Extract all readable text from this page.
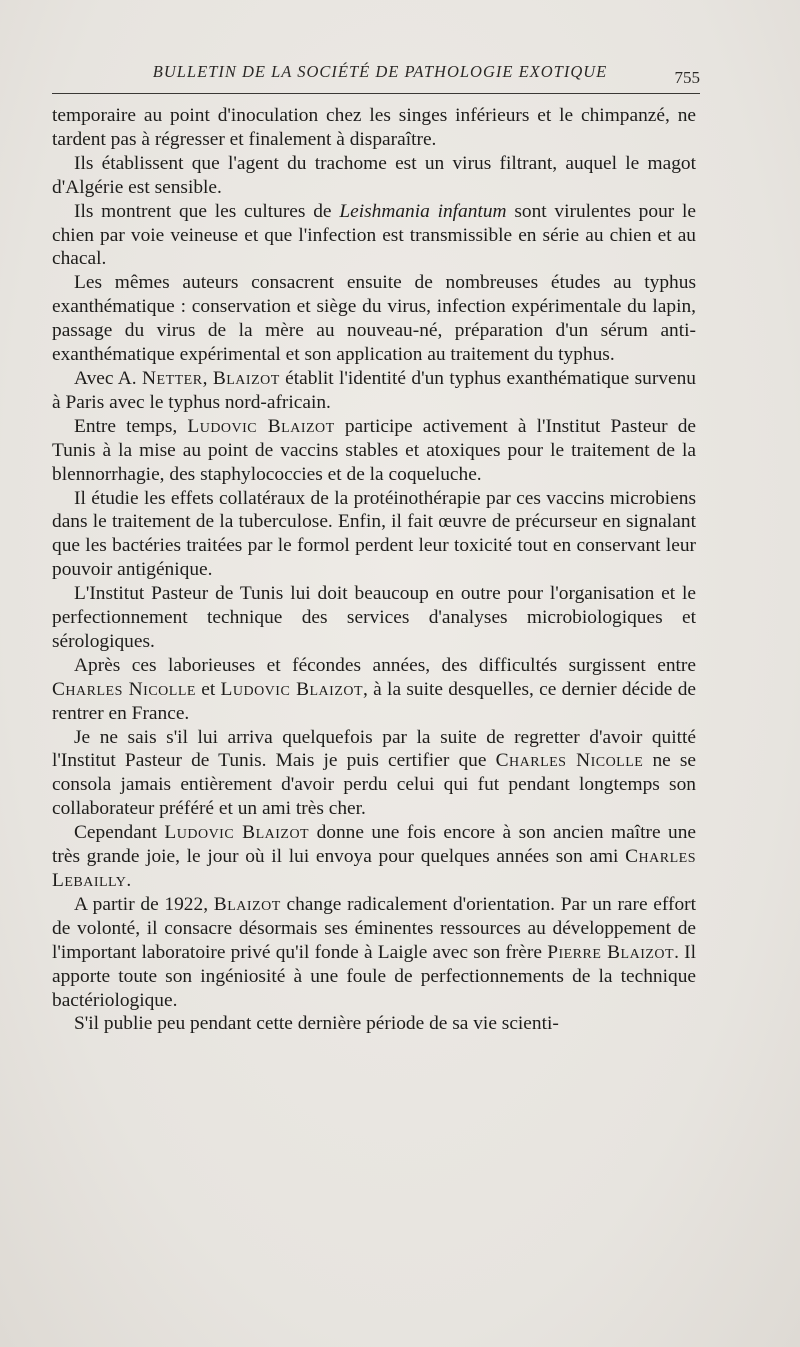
BULLETIN DE LA SOCIÉTÉ DE PATHOLOGIE EXOTIQUE	755

temporaire au point d'inoculation chez les singes inférieurs et le chimpanzé, ne tardent pas à régresser et finalement à disparaître.

Ils établissent que l'agent du trachome est un virus filtrant, auquel le magot d'Algérie est sensible.

Ils montrent que les cultures de Leishmania infantum sont virulentes pour le chien par voie veineuse et que l'infection est transmissible en série au chien et au chacal.

Les mêmes auteurs consacrent ensuite de nombreuses études au typhus exanthématique : conservation et siège du virus, infection expérimentale du lapin, passage du virus de la mère au nouveau-né, préparation d'un sérum anti-exanthématique expérimental et son application au traitement du typhus.

Avec A. Netter, Blaizot établit l'identité d'un typhus exanthématique survenu à Paris avec le typhus nord-africain.

Entre temps, Ludovic Blaizot participe activement à l'Institut Pasteur de Tunis à la mise au point de vaccins stables et atoxiques pour le traitement de la blennorrhagie, des staphylococcies et de la coqueluche.

Il étudie les effets collatéraux de la protéinothérapie par ces vaccins microbiens dans le traitement de la tuberculose. Enfin, il fait œuvre de précurseur en signalant que les bactéries traitées par le formol perdent leur toxicité tout en conservant leur pouvoir antigénique.

L'Institut Pasteur de Tunis lui doit beaucoup en outre pour l'organisation et le perfectionnement technique des services d'analyses microbiologiques et sérologiques.

Après ces laborieuses et fécondes années, des difficultés surgissent entre Charles Nicolle et Ludovic Blaizot, à la suite desquelles, ce dernier décide de rentrer en France.

Je ne sais s'il lui arriva quelquefois par la suite de regretter d'avoir quitté l'Institut Pasteur de Tunis. Mais je puis certifier que Charles Nicolle ne se consola jamais entièrement d'avoir perdu celui qui fut pendant longtemps son collaborateur préféré et un ami très cher.

Cependant Ludovic Blaizot donne une fois encore à son ancien maître une très grande joie, le jour où il lui envoya pour quelques années son ami Charles Lebailly.

A partir de 1922, Blaizot change radicalement d'orientation. Par un rare effort de volonté, il consacre désormais ses éminentes ressources au développement de l'important laboratoire privé qu'il fonde à Laigle avec son frère Pierre Blaizot. Il apporte toute son ingéniosité à une foule de perfectionnements de la technique bactériologique.

S'il publie peu pendant cette dernière période de sa vie scienti-
